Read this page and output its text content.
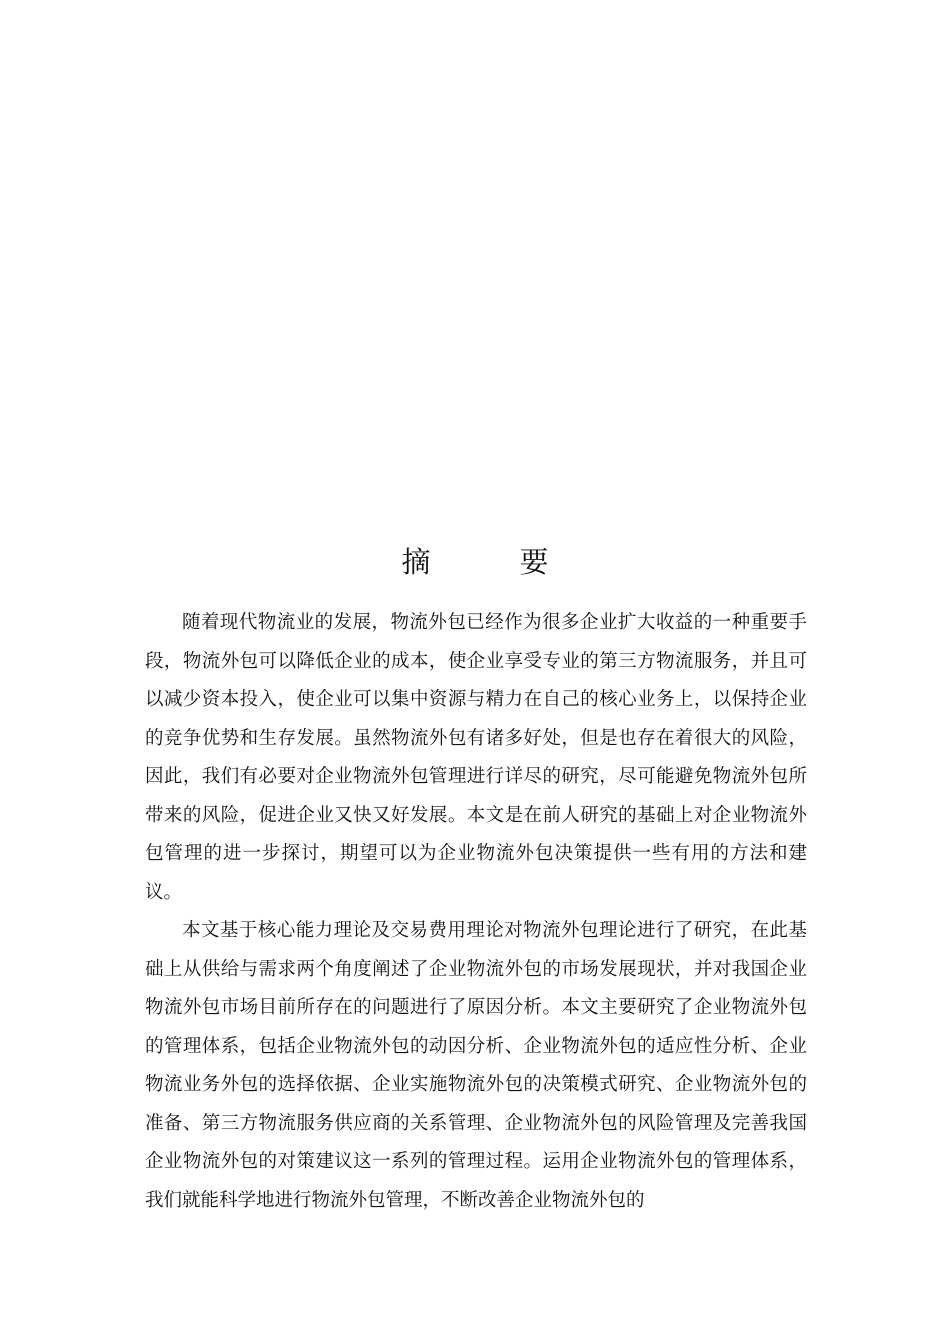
摘　要

随着现代物流业的发展，物流外包已经作为很多企业扩大收益的一种重要手段，物流外包可以降低企业的成本，使企业享受专业的第三方物流服务，并且可以减少资本投入，使企业可以集中资源与精力在自己的核心业务上，以保持企业的竞争优势和生存发展。虽然物流外包有诸多好处，但是也存在着很大的风险，因此，我们有必要对企业物流外包管理进行详尽的研究，尽可能避免物流外包所带来的风险，促进企业又快又好发展。本文是在前人研究的基础上对企业物流外包管理的进一步探讨，期望可以为企业物流外包决策提供一些有用的方法和建议。

本文基于核心能力理论及交易费用理论对物流外包理论进行了研究，在此基础上从供给与需求两个角度阐述了企业物流外包的市场发展现状，并对我国企业物流外包市场目前所存在的问题进行了原因分析。本文主要研究了企业物流外包的管理体系，包括企业物流外包的动因分析、企业物流外包的适应性分析、企业物流业务外包的选择依据、企业实施物流外包的决策模式研究、企业物流外包的准备、第三方物流服务供应商的关系管理、企业物流外包的风险管理及完善我国企业物流外包的对策建议这一系列的管理过程。运用企业物流外包的管理体系，我们就能科学地进行物流外包管理，不断改善企业物流外包的
